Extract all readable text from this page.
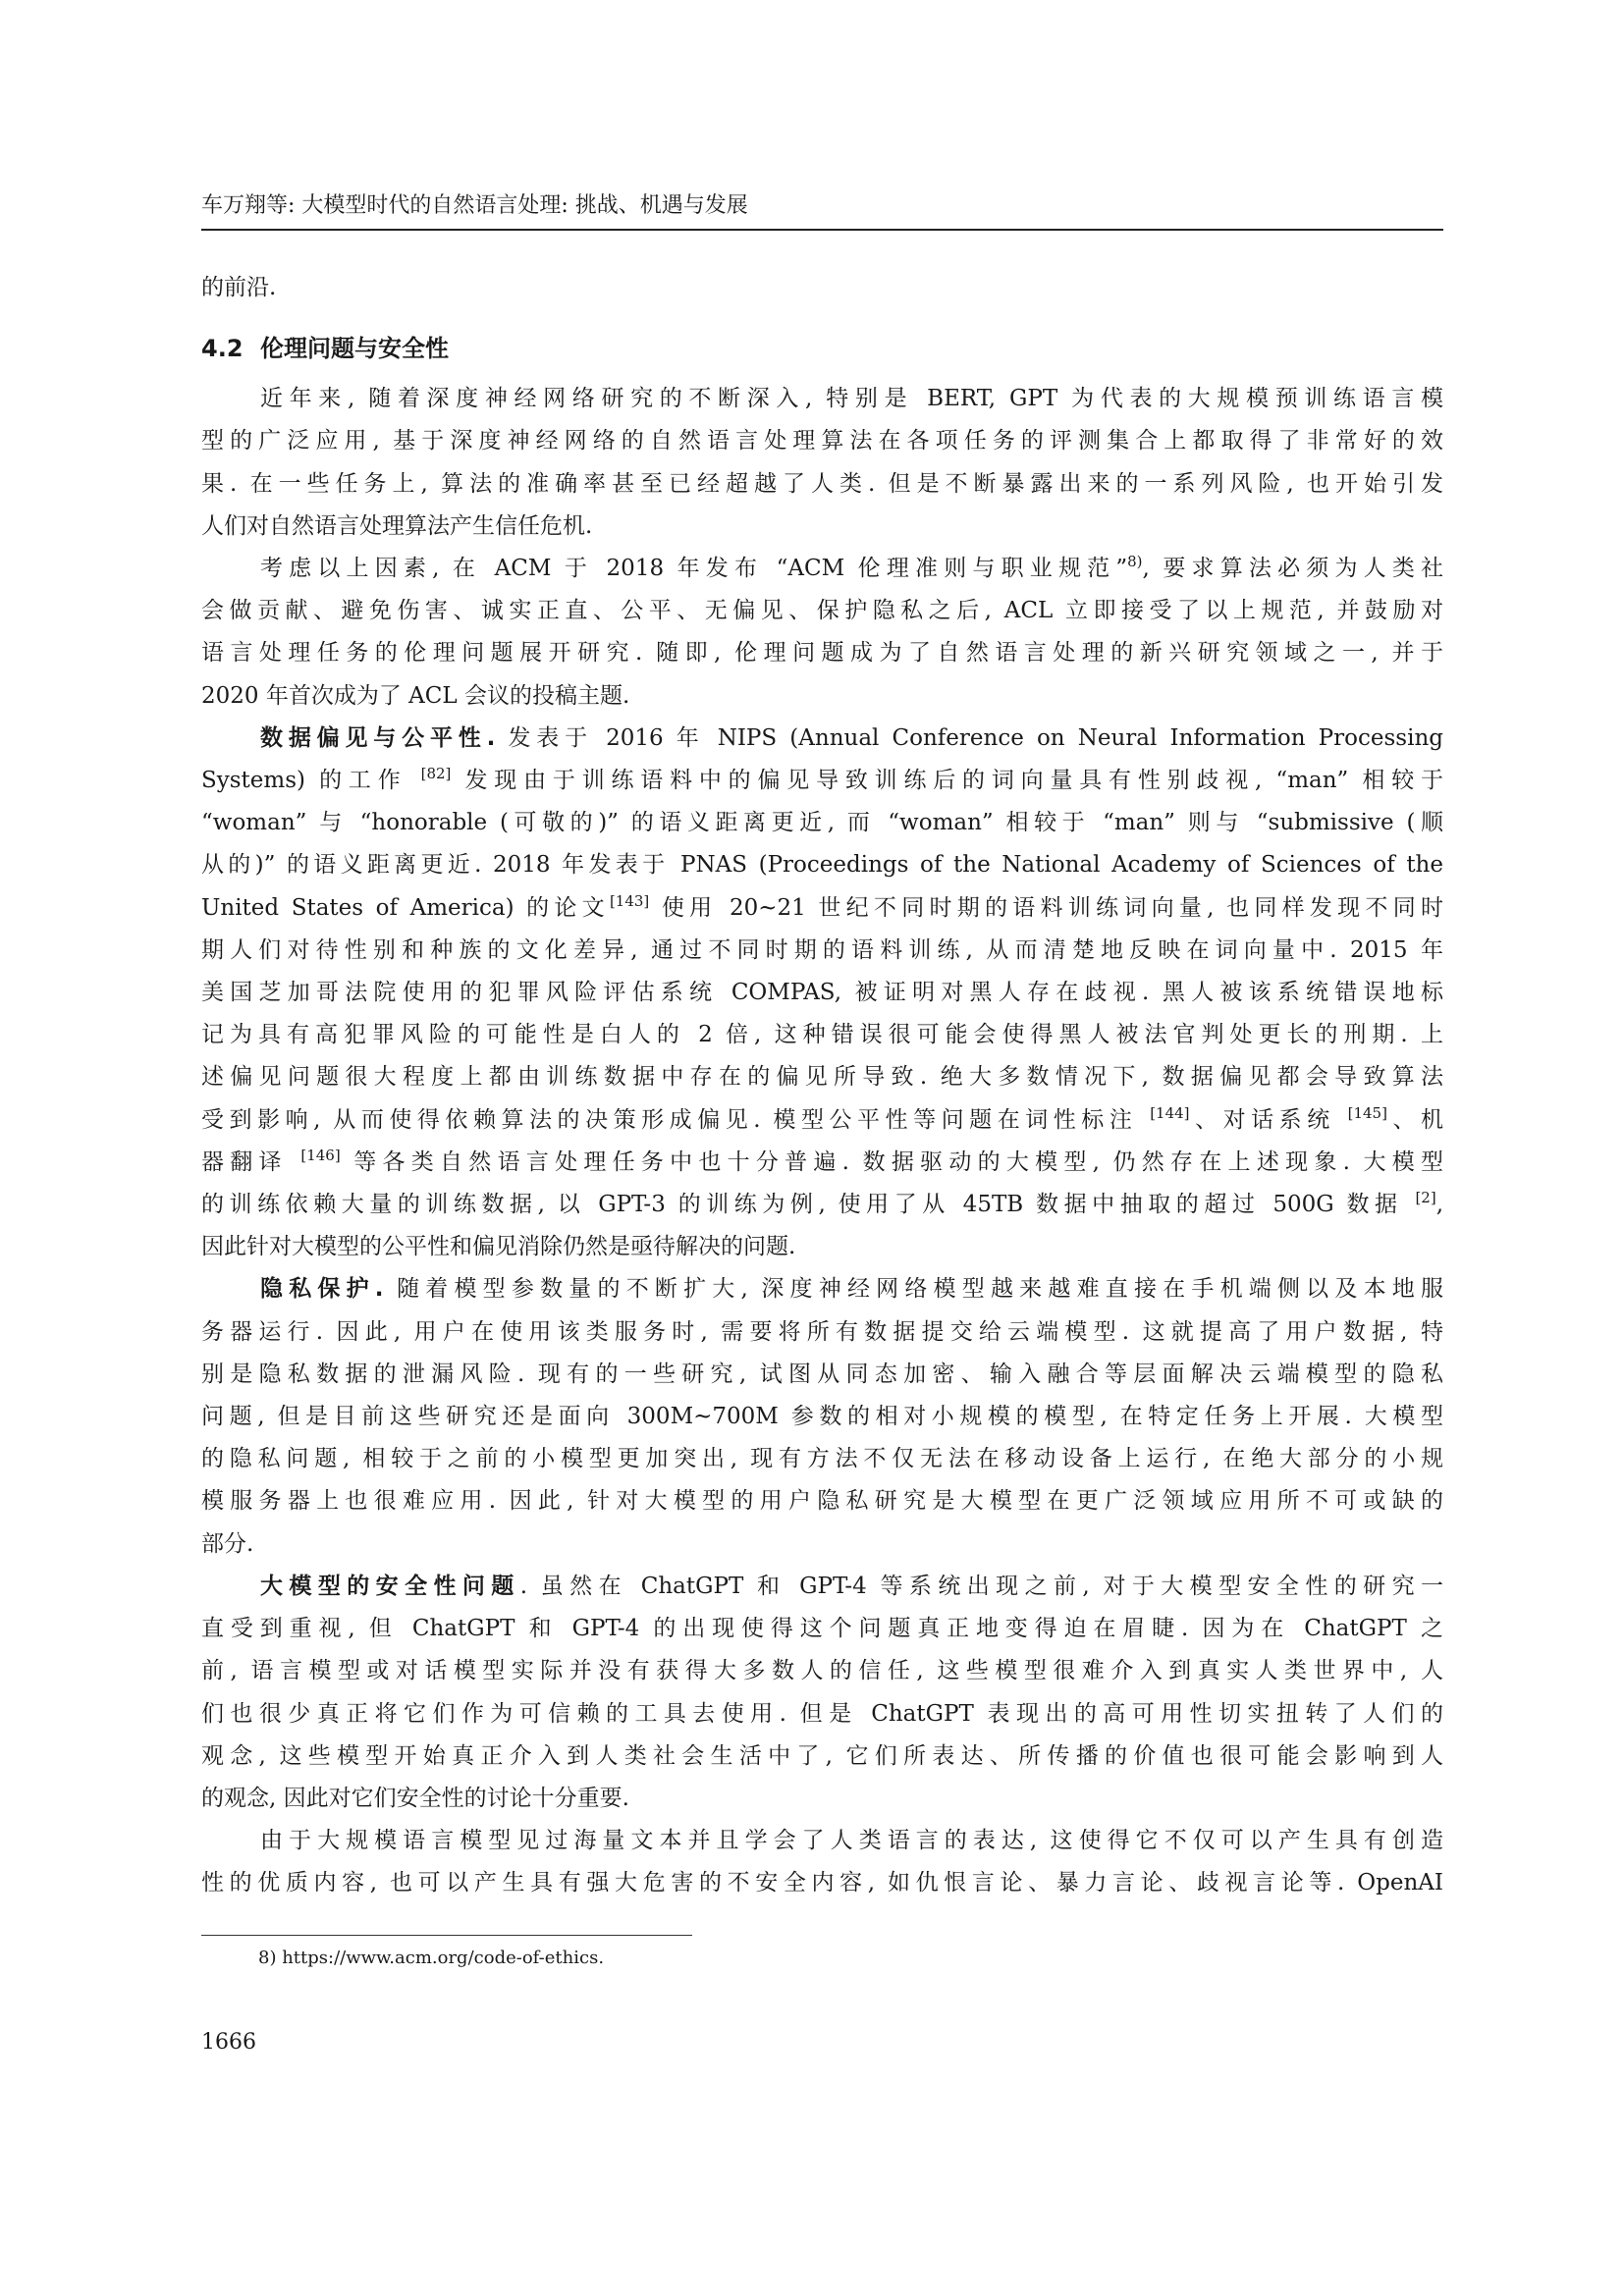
车万翔等: 大模型时代的自然语言处理: 挑战、机遇与发展

的前沿.

4.2 伦理问题与安全性

近年来, 随着深度神经网络研究的不断深入, 特别是 BERT, GPT 为代表的大规模预训练语言模
型的广泛应用, 基于深度神经网络的自然语言处理算法在各项任务的评测集合上都取得了非常好的效
果. 在一些任务上, 算法的准确率甚至已经超越了人类. 但是不断暴露出来的一系列风险, 也开始引发
人们对自然语言处理算法产生信任危机.

考虑以上因素, 在 ACM 于 2018 年发布 “ACM 伦理准则与职业规范”$^{8)}$, 要求算法必须为人类社
会做贡献、避免伤害、诚实正直、公平、无偏见、保护隐私之后, ACL 立即接受了以上规范, 并鼓励对
语言处理任务的伦理问题展开研究. 随即, 伦理问题成为了自然语言处理的新兴研究领域之一, 并于
2020 年首次成为了 ACL 会议的投稿主题.

数据偏见与公平性. 发表于 2016 年 NIPS (Annual Conference on Neural Information Processing
Systems) 的工作 [82] 发现由于训练语料中的偏见导致训练后的词向量具有性别歧视, “man” 相较于
“woman” 与 “honorable (可敬的)” 的语义距离更近, 而 “woman” 相较于 “man” 则与 “submissive (顺
从的)” 的语义距离更近. 2018 年发表于 PNAS (Proceedings of the National Academy of Sciences of the
United States of America) 的论文[143] 使用 20~21 世纪不同时期的语料训练词向量, 也同样发现不同时
期人们对待性别和种族的文化差异, 通过不同时期的语料训练, 从而清楚地反映在词向量中. 2015 年
美国芝加哥法院使用的犯罪风险评估系统 COMPAS, 被证明对黑人存在歧视. 黑人被该系统错误地标
记为具有高犯罪风险的可能性是白人的 2 倍, 这种错误很可能会使得黑人被法官判处更长的刑期. 上
述偏见问题很大程度上都由训练数据中存在的偏见所导致. 绝大多数情况下, 数据偏见都会导致算法
受到影响, 从而使得依赖算法的决策形成偏见. 模型公平性等问题在词性标注 [144]、对话系统 [145]、机
器翻译 [146] 等各类自然语言处理任务中也十分普遍. 数据驱动的大模型, 仍然存在上述现象. 大模型
的训练依赖大量的训练数据, 以 GPT-3 的训练为例, 使用了从 45TB 数据中抽取的超过 500G 数据 [2],
因此针对大模型的公平性和偏见消除仍然是亟待解决的问题.

隐私保护. 随着模型参数量的不断扩大, 深度神经网络模型越来越难直接在手机端侧以及本地服
务器运行. 因此, 用户在使用该类服务时, 需要将所有数据提交给云端模型. 这就提高了用户数据, 特
别是隐私数据的泄漏风险. 现有的一些研究, 试图从同态加密、输入融合等层面解决云端模型的隐私
问题, 但是目前这些研究还是面向 300M~700M 参数的相对小规模的模型, 在特定任务上开展. 大模型
的隐私问题, 相较于之前的小模型更加突出, 现有方法不仅无法在移动设备上运行, 在绝大部分的小规
模服务器上也很难应用. 因此, 针对大模型的用户隐私研究是大模型在更广泛领域应用所不可或缺的
部分.

大模型的安全性问题. 虽然在 ChatGPT 和 GPT-4 等系统出现之前, 对于大模型安全性的研究一
直受到重视, 但 ChatGPT 和 GPT-4 的出现使得这个问题真正地变得迫在眉睫. 因为在 ChatGPT 之
前, 语言模型或对话模型实际并没有获得大多数人的信任, 这些模型很难介入到真实人类世界中, 人
们也很少真正将它们作为可信赖的工具去使用. 但是 ChatGPT 表现出的高可用性切实扭转了人们的
观念, 这些模型开始真正介入到人类社会生活中了, 它们所表达、所传播的价值也很可能会影响到人
的观念, 因此对它们安全性的讨论十分重要.

由于大规模语言模型见过海量文本并且学会了人类语言的表达, 这使得它不仅可以产生具有创造
性的优质内容, 也可以产生具有强大危害的不安全内容, 如仇恨言论、暴力言论、歧视言论等. OpenAI

8) https://www.acm.org/code-of-ethics.
1666
